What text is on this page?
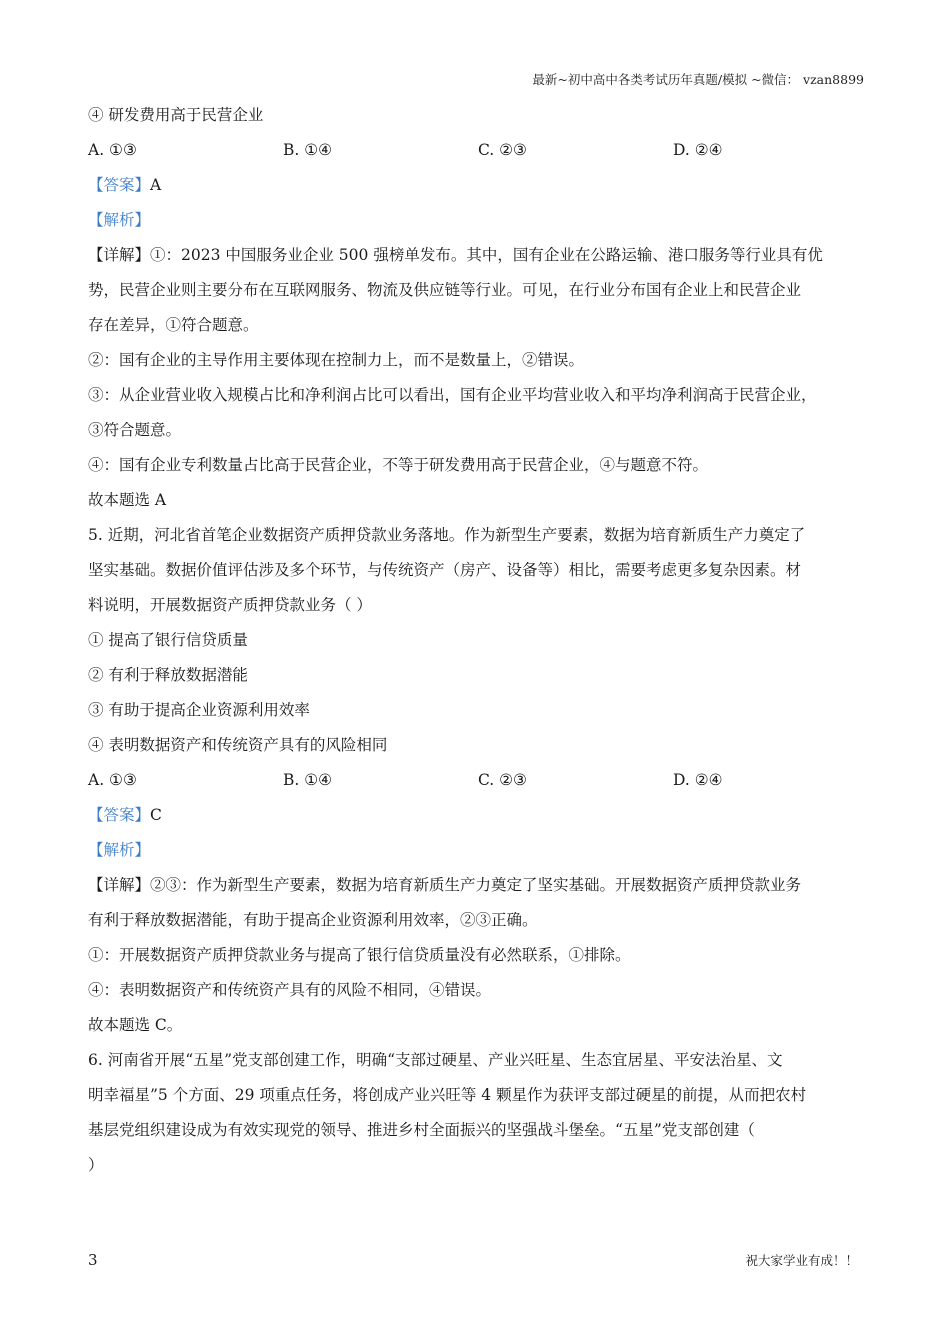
最新~初中高中各类考试历年真题/模拟 ~微信： vzan8899
④ 研发费用高于民营企业
A. ①③	B. ①④	C. ②③	D. ②④
【答案】A
【解析】
【详解】①：2023 中国服务业企业 500 强榜单发布。其中，国有企业在公路运输、港口服务等行业具有优
势，民营企业则主要分布在互联网服务、物流及供应链等行业。可见，在行业分布国有企业上和民营企业
存在差异，①符合题意。
②：国有企业的主导作用主要体现在控制力上，而不是数量上，②错误。
③：从企业营业收入规模占比和净利润占比可以看出，国有企业平均营业收入和平均净利润高于民营企业，
③符合题意。
④：国有企业专利数量占比高于民营企业，不等于研发费用高于民营企业，④与题意不符。
故本题选 A
5. 近期，河北省首笔企业数据资产质押贷款业务落地。作为新型生产要素，数据为培育新质生产力奠定了
坚实基础。数据价值评估涉及多个环节，与传统资产（房产、设备等）相比，需要考虑更多复杂因素。材
料说明，开展数据资产质押贷款业务（ ）
① 提高了银行信贷质量
② 有利于释放数据潜能
③ 有助于提高企业资源利用效率
④ 表明数据资产和传统资产具有的风险相同
A. ①③	B. ①④	C. ②③	D. ②④
【答案】C
【解析】
【详解】②③：作为新型生产要素，数据为培育新质生产力奠定了坚实基础。开展数据资产质押贷款业务
有利于释放数据潜能，有助于提高企业资源利用效率，②③正确。
①：开展数据资产质押贷款业务与提高了银行信贷质量没有必然联系，①排除。
④：表明数据资产和传统资产具有的风险不相同，④错误。
故本题选 C。
6. 河南省开展“五星”党支部创建工作，明确“支部过硬星、产业兴旺星、生态宜居星、平安法治星、文
明幸福星”5 个方面、29 项重点任务，将创成产业兴旺等 4 颗星作为获评支部过硬星的前提，从而把农村
基层党组织建设成为有效实现党的领导、推进乡村全面振兴的坚强战斗堡垒。“五星”党支部创建（
）
3	祝大家学业有成！！
